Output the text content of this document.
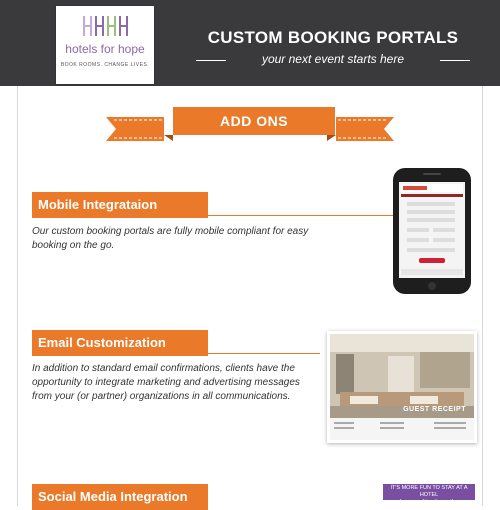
hotels for hope
BOOK ROOMS. CHANGE LIVES.
CUSTOM BOOKING PORTALS
your next event starts here
ADD ONS
Mobile Integrataion
Our custom booking portals are fully mobile compliant for easy
booking on the go.
Email Customization
In addition to standard email confirmations, clients have the
opportunity to integrate marketing and advertising messages
from your (or partner) organizations in all communications.
GUEST RECEIPT
Social Media Integration
IT'S MORE FUN TO STAY AT A HOTEL
when your friends are there
